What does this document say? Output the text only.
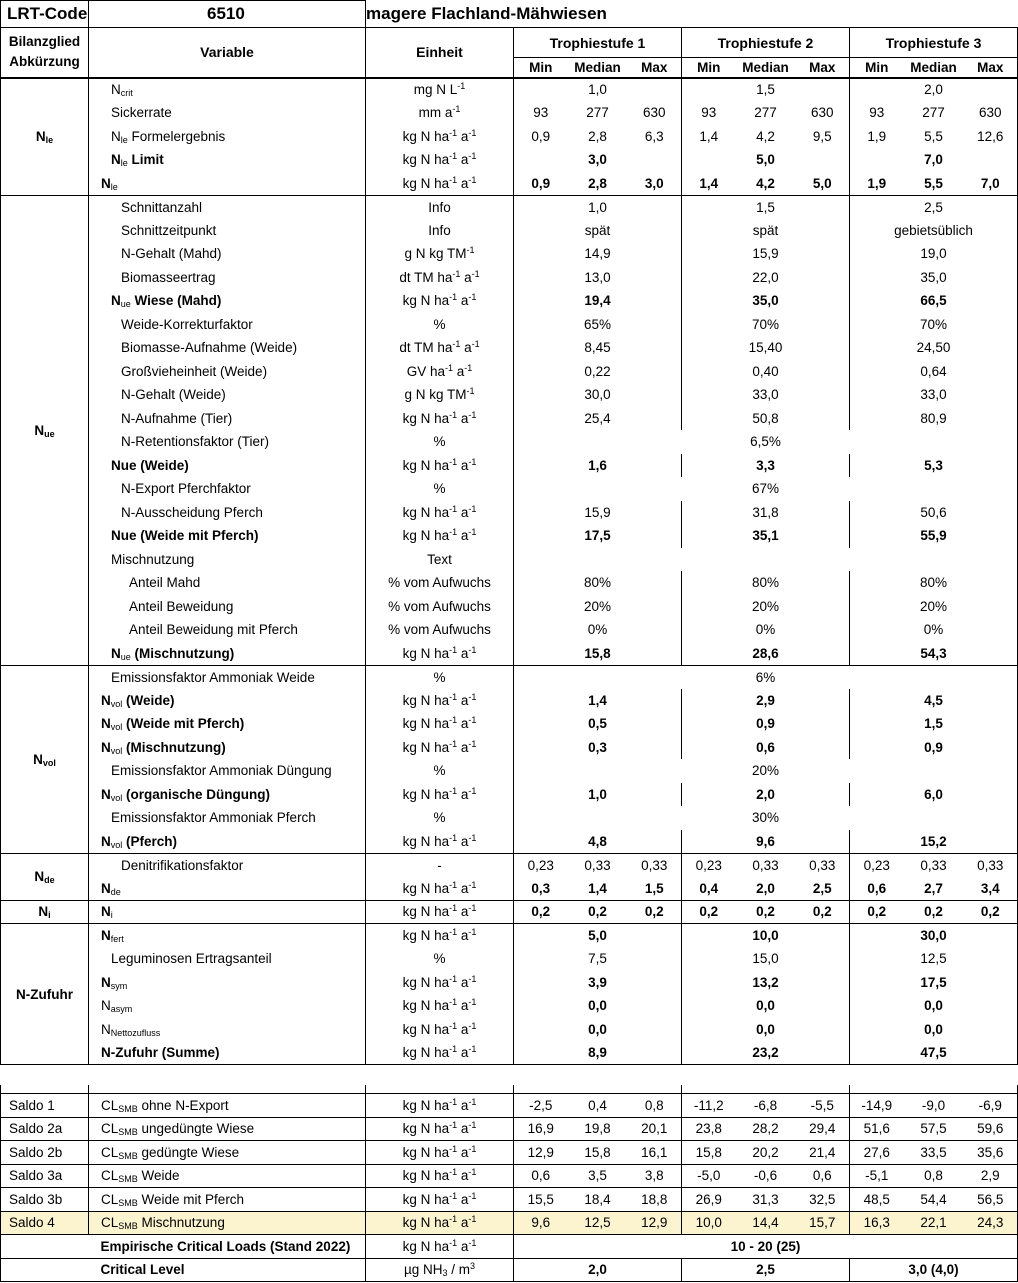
LRT-Code	6510	magere Flachland-Mähwiesen									
Bilanzglied
Abkürzung	Variable	Einheit	Trophiestufe 1			Trophiestufe 2			Trophiestufe 3		
			Min	Median	Max	Min	Median	Max	Min	Median	Max
$N_{le}$	$N_{crit}$	mg N $L^{-1}$	1,0			1,5			2,0		
	Sickerrate	mm $a^{-1}$	93	277	630	93	277	630	93	277	630
	$N_{le}$ Formelergebnis	kg N $ha^{-1}$ $a^{-1}$	0,9	2,8	6,3	1,4	4,2	9,5	1,9	5,5	12,6
	$N_{le}$ Limit	kg N $ha^{-1}$ $a^{-1}$	3,0			5,0			7,0		
	$N_{le}$	kg N $ha^{-1}$ $a^{-1}$	0,9	2,8	3,0	1,4	4,2	5,0	1,9	5,5	7,0
$N_{ue}$	Schnittanzahl	Info	1,0			1,5			2,5		
	Schnittzeitpunkt	Info	spät			spät			gebietsüblich		
	N-Gehalt (Mahd)	g N kg $TM^{-1}$	14,9			15,9			19,0		
	Biomasseertrag	dt TM $ha^{-1}$ $a^{-1}$	13,0			22,0			35,0		
	$N_{ue}$ Wiese (Mahd)	kg N $ha^{-1}$ $a^{-1}$	19,4			35,0			66,5		
	Weide-Korrekturfaktor	%	65%			70%			70%		
	Biomasse-Aufnahme (Weide)	dt TM $ha^{-1}$ $a^{-1}$	8,45			15,40			24,50		
	Großvieheinheit (Weide)	GV $ha^{-1}$ $a^{-1}$	0,22			0,40			0,64		
	N-Gehalt (Weide)	g N kg $TM^{-1}$	30,0			33,0			33,0		
	N-Aufnahme (Tier)	kg N $ha^{-1}$ $a^{-1}$	25,4			50,8			80,9		
	N-Retentionsfaktor (Tier)	%	6,5%								
	Nue (Weide)	kg N $ha^{-1}$ $a^{-1}$	1,6			3,3			5,3		
	N-Export Pferchfaktor	%	67%								
	N-Ausscheidung Pferch	kg N $ha^{-1}$ $a^{-1}$	15,9			31,8			50,6		
	Nue (Weide mit Pferch)	kg N $ha^{-1}$ $a^{-1}$	17,5			35,1			55,9		
	Mischnutzung	Text									
	Anteil Mahd	% vom Aufwuchs	80%			80%			80%		
	Anteil Beweidung	% vom Aufwuchs	20%			20%			20%		
	Anteil Beweidung mit Pferch	% vom Aufwuchs	0%			0%			0%		
	$N_{ue}$ (Mischnutzung)	kg N $ha^{-1}$ $a^{-1}$	15,8			28,6			54,3		
$N_{vol}$	Emissionsfaktor Ammoniak Weide	%	6%								
	$N_{vol}$ (Weide)	kg N $ha^{-1}$ $a^{-1}$	1,4			2,9			4,5		
	$N_{vol}$ (Weide mit Pferch)	kg N $ha^{-1}$ $a^{-1}$	0,5			0,9			1,5		
	$N_{vol}$ (Mischnutzung)	kg N $ha^{-1}$ $a^{-1}$	0,3			0,6			0,9		
	Emissionsfaktor Ammoniak Düngung	%	20%								
	$N_{vol}$ (organische Düngung)	kg N $ha^{-1}$ $a^{-1}$	1,0			2,0			6,0		
	Emissionsfaktor Ammoniak Pferch	%	30%								
	$N_{vol}$ (Pferch)	kg N $ha^{-1}$ $a^{-1}$	4,8			9,6			15,2		
$N_{de}$	Denitrifikationsfaktor	-	0,23	0,33	0,33	0,23	0,33	0,33	0,23	0,33	0,33
	$N_{de}$	kg N $ha^{-1}$ $a^{-1}$	0,3	1,4	1,5	0,4	2,0	2,5	0,6	2,7	3,4
$N_i$	$N_i$	kg N $ha^{-1}$ $a^{-1}$	0,2	0,2	0,2	0,2	0,2	0,2	0,2	0,2	0,2
N-Zufuhr	$N_{fert}$	kg N $ha^{-1}$ $a^{-1}$	5,0			10,0			30,0		
	Leguminosen Ertragsanteil	%	7,5			15,0			12,5		
	$N_{sym}$	kg N $ha^{-1}$ $a^{-1}$	3,9			13,2			17,5		
	$N_{asym}$	kg N $ha^{-1}$ $a^{-1}$	0,0			0,0			0,0		
	$N_{Nettozufluss}$	kg N $ha^{-1}$ $a^{-1}$	0,0			0,0			0,0		
	N-Zufuhr (Summe)	kg N $ha^{-1}$ $a^{-1}$	8,9			23,2			47,5		

Saldo 1	$CL_{SMB}$ ohne N-Export	kg N $ha^{-1}$ $a^{-1}$	-2,5	0,4	0,8	-11,2	-6,8	-5,5	-14,9	-9,0	-6,9
Saldo 2a	$CL_{SMB}$ ungedüngte Wiese	kg N $ha^{-1}$ $a^{-1}$	16,9	19,8	20,1	23,8	28,2	29,4	51,6	57,5	59,6
Saldo 2b	$CL_{SMB}$ gedüngte Wiese	kg N $ha^{-1}$ $a^{-1}$	12,9	15,8	16,1	15,8	20,2	21,4	27,6	33,5	35,6
Saldo 3a	$CL_{SMB}$ Weide	kg N $ha^{-1}$ $a^{-1}$	0,6	3,5	3,8	-5,0	-0,6	0,6	-5,1	0,8	2,9
Saldo 3b	$CL_{SMB}$ Weide mit Pferch	kg N $ha^{-1}$ $a^{-1}$	15,5	18,4	18,8	26,9	31,3	32,5	48,5	54,4	56,5
Saldo 4	$CL_{SMB}$ Mischnutzung	kg N $ha^{-1}$ $a^{-1}$	9,6	12,5	12,9	10,0	14,4	15,7	16,3	22,1	24,3
	Empirische Critical Loads (Stand 2022)	kg N $ha^{-1}$ $a^{-1}$	10 - 20 (25)								
	Critical Level	µg $NH_3 / m^3$	2,0			2,5			3,0 (4,0)		
